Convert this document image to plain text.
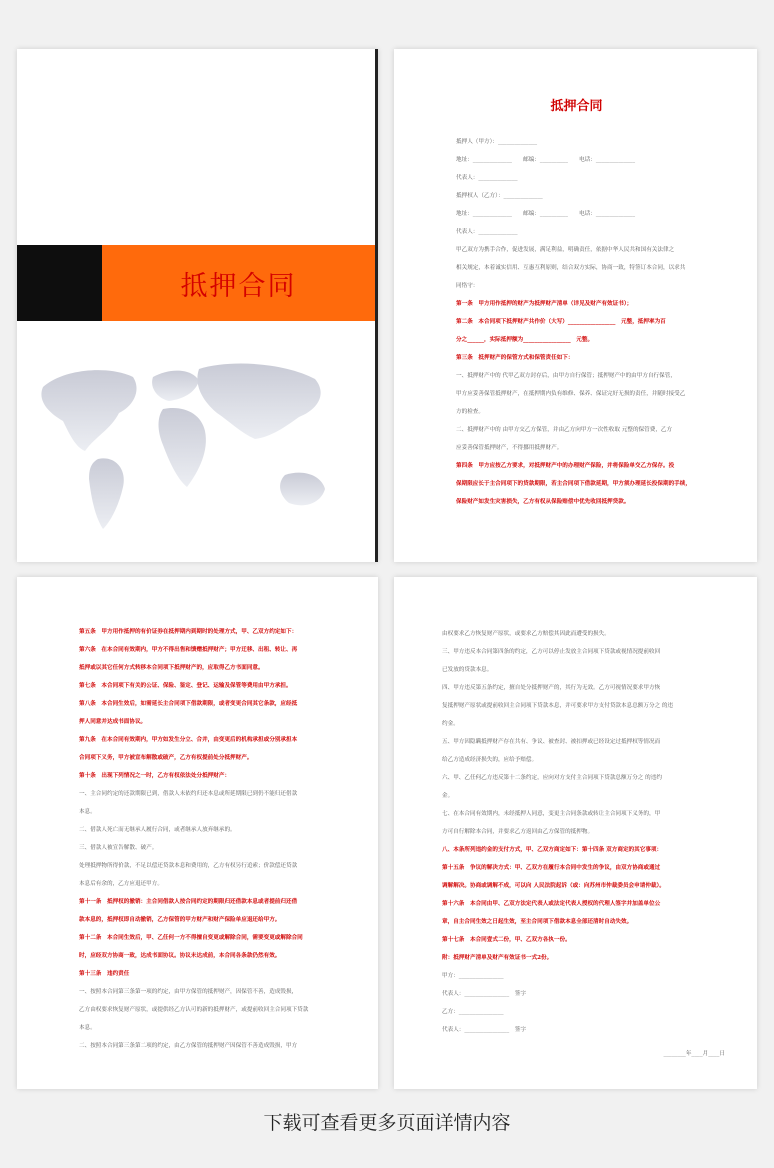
抵押合同
抵押合同
抵押人（甲方）：______________
地址：______________　　邮编：__________　　电话：______________
代表人：______________
抵押权人（乙方）：______________
地址：______________　　邮编：__________　　电话：______________
代表人：______________
甲乙双方为携手合作，促进发展，满足利益，明确责任，依据中华人民共和国有关法律之
相关规定，本着诚实信用、互惠互利原则，结合双方实际，协商一致，特签订本合同，以求共
同恪守：
第一条　甲方用作抵押的财产为抵押财产清单（详见及财产有效证书）；
第二条　本合同项下抵押财产共作价（大写）_________________　元整，抵押率为百
分之______，实际抵押额为_________________　元整。
第三条　抵押财产的保管方式和保管责任如下：
一、抵押财产中的 代甲乙双方封存后，由甲方自行保管；抵押财产中的由甲方自行保管，
甲方应妥善保管抵押财产，在抵押期内负有维修、保养、保证完好无损的责任，并随时接受乙
方的检查。
二、抵押财产中的 由甲方交乙方保管，并由乙方向甲方一次性收取 元整的保管费，乙方
应妥善保管抵押财产，不得挪用抵押财产。
第四条　甲方应按乙方要求，对抵押财产中的办理财产保险，并将保险单交乙方保存。投
保期限应长于主合同项下的贷款期限，若主合同项下借款延期，甲方须办理延长投保期的手续，
保险财产如发生灾害损失，乙方有权从保险赔偿中优先收回抵押贷款。
第五条　甲方用作抵押的有价证券在抵押期内到期时的处理方式，甲、乙双方约定如下：
第六条　在本合同有效期内，甲方不得出售和馈赠抵押财产；甲方迁移、出租、转让、再
抵押或以其它任何方式转移本合同项下抵押财产的，应取得乙方书面同意。
第七条　本合同项下有关的公证、保险、鉴定、登记、运输及保管等费用由甲方承担。
第八条　本合同生效后，如需延长主合同项下借款期限，或者变更合同其它条款，应经抵
押人同意并达成书面协议。
第九条　在本合同有效期内，甲方如发生分立、合并，由变更后的机构承担或分别承担本
合同项下义务，甲方被宣布解散或破产，乙方有权提前处分抵押财产。
第十条　出现下列情况之一时，乙方有权依法处分抵押财产：
一、主合同约定的还款期限已到，借款人未依约归还本息或所延期限已到仍不能归还借款
本息。
二、借款人死亡而无继承人履行合同，或者继承人放弃继承的。
三、借款人被宣告解散、破产。
处理抵押物所得价款，不足以偿还贷款本息和费用的，乙方有权另行追索；价款偿还贷款
本息后有余的，乙方应退还甲方。
第十一条　抵押权的撤销：主合同借款人按合同约定的期限归还借款本息或者提前归还借
款本息的，抵押权即自动撤销，乙方保管的甲方财产和财产保险单应退还给甲方。
第十二条　本合同生效后，甲、乙任何一方不得擅自变更或解除合同，需要变更或解除合同
时，应经双方协商一致，达成书面协议。协议未达成前，本合同各条款仍然有效。
第十三条　违约责任
一、按照本合同第三条第一项的约定，由甲方保管的抵押财产，因保管不善，造成毁损，
乙方由权要求恢复财产原状，或提供经乙方认可的新的抵押财产，或提前收回主合同项下贷款
本息。
二、按照本合同第三条第二项的约定，由乙方保管的抵押财产因保管不善造成毁损，甲方
由权要求乙方恢复财产原状，或要求乙方赔偿其因此而遭受的损失。
三、甲方违反本合同第四条的约定，乙方可以停止发放主合同项下贷款或视情况提前收回
已发放的贷款本息。
四、甲方违反第五条约定，擅自处分抵押财产的，其行为无效。乙方可视情况要求甲方恢
复抵押财产原状或提前收回主合同项下贷款本息，并可要求甲方支付贷款本息总额万分之 的违
约金。
五、甲方因隐瞒抵押财产存在共有、争议、被查封、被扣押或已经设定过抵押权等情况而
给乙方造成经济损失的，应给予赔偿。
六、甲、乙任何乙方违反第十二条约定，应向对方支付主合同项下贷款总额万分之 的违约
金。
七、在本合同有效期内，未经抵押人同意，变更主合同条款或转让主合同项下义务的，甲
方可自行解除本合同，并要求乙方返回由乙方保管的抵押物。
八、本条所列违约金的支付方式，甲、乙双方商定如下：第十四条 双方商定的其它事项：
第十五条　争议的解决方式：甲、乙双方在履行本合同中发生的争议，由双方协商或通过
调解解决。协商或调解不成，可以向 人民法院起诉（或：向苏州市仲裁委员会申请仲裁）。
第十六条　本合同由甲、乙双方法定代表人或法定代表人授权的代理人签字并加盖单位公
章，自主合同生效之日起生效，至主合同项下借款本息全部还清时自动失效。
第十七条　本合同壹式二份，甲、乙双方各执一份。
附：抵押财产清单及财产有效证书一式2份。
甲方：________________
代表人：________________　签字
乙方：________________
代表人：________________　签字
________年____月____日
下载可查看更多页面详情内容
